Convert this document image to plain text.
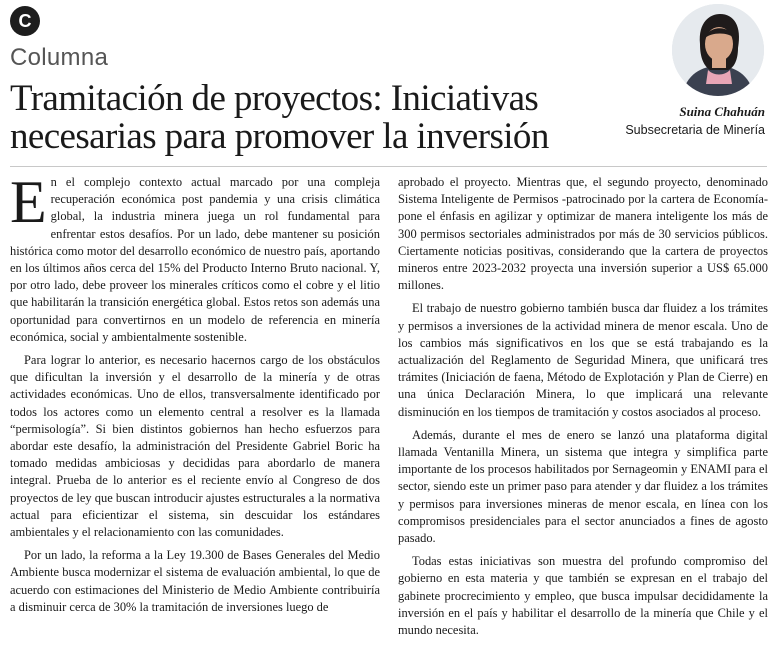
C
Columna
Tramitación de proyectos: Iniciativas necesarias para promover la inversión
Suina Chahuán
Subsecretaria de Minería

En el complejo contexto actual marcado por una compleja recuperación económica post pandemia y una crisis climática global, la industria minera juega un rol fundamental para enfrentar estos desafíos. Por un lado, debe mantener su posición histórica como motor del desarrollo económico de nuestro país, aportando en los últimos años cerca del 15% del Producto Interno Bruto nacional. Y, por otro lado, debe proveer los minerales críticos como el cobre y el litio que habilitarán la transición energética global. Estos retos son además una oportunidad para convertirnos en un modelo de referencia en minería económica, social y ambientalmente sostenible.

Para lograr lo anterior, es necesario hacernos cargo de los obstáculos que dificultan la inversión y el desarrollo de la minería y de otras actividades económicas. Uno de ellos, transversalmente identificado por todos los actores como un elemento central a resolver es la llamada “permisología”. Si bien distintos gobiernos han hecho esfuerzos para abordar este desafío, la administración del Presidente Gabriel Boric ha tomado medidas ambiciosas y decididas para abordarlo de manera integral. Prueba de lo anterior es el reciente envío al Congreso de dos proyectos de ley que buscan introducir ajustes estructurales a la normativa actual para eficientizar el sistema, sin descuidar los estándares ambientales y el relacionamiento con las comunidades.

Por un lado, la reforma a la Ley 19.300 de Bases Generales del Medio Ambiente busca modernizar el sistema de evaluación ambiental, lo que de acuerdo con estimaciones del Ministerio de Medio Ambiente contribuiría a disminuir cerca de 30% la tramitación de inversiones luego de

aprobado el proyecto. Mientras que, el segundo proyecto, denominado Sistema Inteligente de Permisos -patrocinado por la cartera de Economía- pone el énfasis en agilizar y optimizar de manera inteligente los más de 300 permisos sectoriales administrados por más de 30 servicios públicos. Ciertamente noticias positivas, considerando que la cartera de proyectos mineros entre 2023-2032 proyecta una inversión superior a US$ 65.000 millones.

El trabajo de nuestro gobierno también busca dar fluidez a los trámites y permisos a inversiones de la actividad minera de menor escala. Uno de los cambios más significativos en los que se está trabajando es la actualización del Reglamento de Seguridad Minera, que unificará tres trámites (Iniciación de faena, Método de Explotación y Plan de Cierre) en una única Declaración Minera, lo que implicará una relevante disminución en los tiempos de tramitación y costos asociados al proceso.

Además, durante el mes de enero se lanzó una plataforma digital llamada Ventanilla Minera, un sistema que integra y simplifica parte importante de los procesos habilitados por Sernageomin y ENAMI para el sector, siendo este un primer paso para atender y dar fluidez a los trámites y permisos para inversiones mineras de menor escala, en línea con los compromisos presidenciales para el sector anunciados a fines de agosto pasado.

Todas estas iniciativas son muestra del profundo compromiso del gobierno en esta materia y que también se expresan en el trabajo del gabinete procrecimiento y empleo, que busca impulsar decididamente la inversión en el país y habilitar el desarrollo de la minería que Chile y el mundo necesita.
